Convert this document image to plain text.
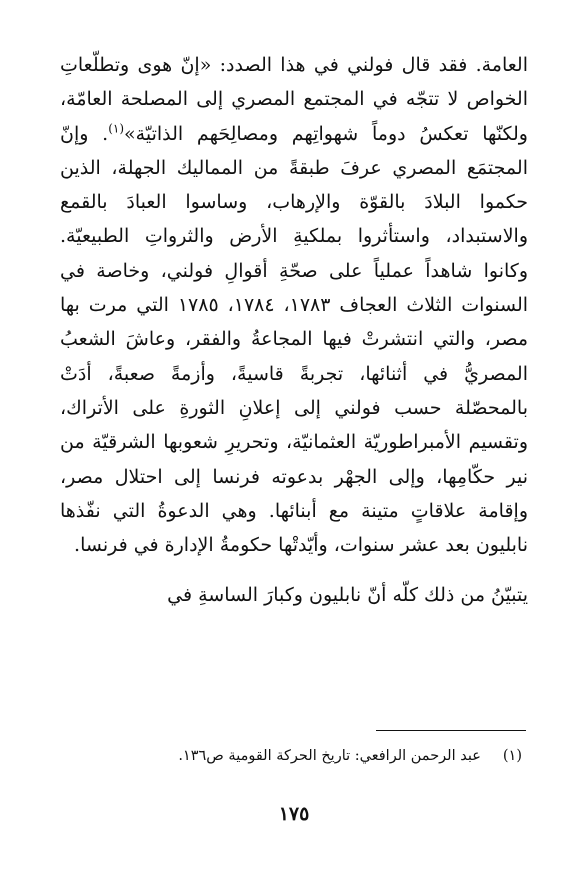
العامة. فقد قال فولني في هذا الصدد: «إنّ هوى وتطلّعاتِ الخواص لا تتجّه في المجتمع المصري إلى المصلحة العامّة، ولكنّها تعكسُ دوماً شهواتِهم ومصالِحَهم الذاتيّة»$^{(١)}$. وإنّ المجتمَع المصري عرفَ طبقةً من المماليك الجهلة، الذين حكموا البلادَ بالقوّة والإرهاب، وساسوا العبادَ بالقمع والاستبداد، واستأثروا بملكيةِ الأرض والثرواتِ الطبيعيّة. وكانوا شاهداً عملياً على صحّةِ أقوالِ فولني، وخاصة في السنوات الثلاث العجاف ١٧٨٣، ١٧٨٤، ١٧٨٥ التي مرت بها مصر، والتي انتشرتْ فيها المجاعةُ والفقر، وعاشَ الشعبُ المصريُّ في أثنائها، تجربةً قاسيةً، وأزمةً صعبةً، أدَتْ بالمحصّلة حسب فولني إلى إعلانِ الثورةِ على الأتراك، وتقسيم الأمبراطوريّة العثمانيّة، وتحريرِ شعوبها الشرقيّة من نير حكّامِها، وإلى الجهْر بدعوته فرنسا إلى احتلال مصر، وإقامة علاقاتٍ متينة مع أبنائها. وهي الدعوةُ التي نفّذها نابليون بعد عشر سنوات، وأيّدتْها حكومةُ الإدارة في فرنسا.

يتبيّنُ من ذلك كلّه أنّ نابليون وكبارَ الساسةِ في

(١)عبد الرحمن الرافعي: تاريخ الحركة القومية ص١٣٦.

١٧٥
